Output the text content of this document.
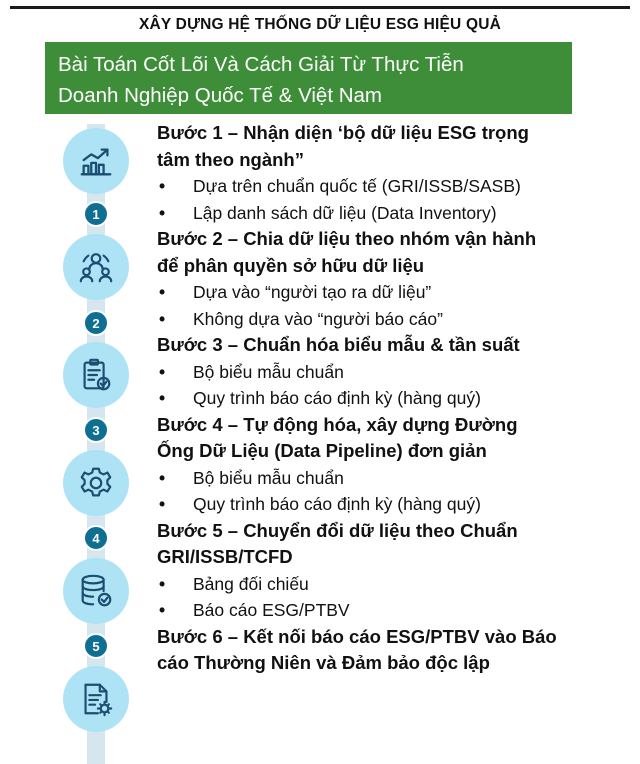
XÂY DỰNG HỆ THỐNG DỮ LIỆU ESG HIỆU QUẢ
Bài Toán Cốt Lõi Và Cách Giải Từ Thực Tiễn
Doanh Nghiệp Quốc Tế & Việt Nam
1
2
3
4
5
Bước 1 – Nhận diện ‘bộ dữ liệu ESG trọng
tâm theo ngành”
• Dựa trên chuẩn quốc tế (GRI/ISSB/SASB)
• Lập danh sách dữ liệu (Data Inventory)
Bước 2 – Chia dữ liệu theo nhóm vận hành
để phân quyền sở hữu dữ liệu
• Dựa vào “người tạo ra dữ liệu”
• Không dựa vào “người báo cáo”
Bước 3 – Chuẩn hóa biểu mẫu & tần suất
• Bộ biểu mẫu chuẩn
• Quy trình báo cáo định kỳ (hàng quý)
Bước 4 – Tự động hóa, xây dựng Đường
Ống Dữ Liệu (Data Pipeline) đơn giản
• Bộ biểu mẫu chuẩn
• Quy trình báo cáo định kỳ (hàng quý)
Bước 5 – Chuyển đổi dữ liệu theo Chuẩn
GRI/ISSB/TCFD
• Bảng đối chiếu
• Báo cáo ESG/PTBV
Bước 6 – Kết nối báo cáo ESG/PTBV vào Báo
cáo Thường Niên và Đảm bảo độc lập
